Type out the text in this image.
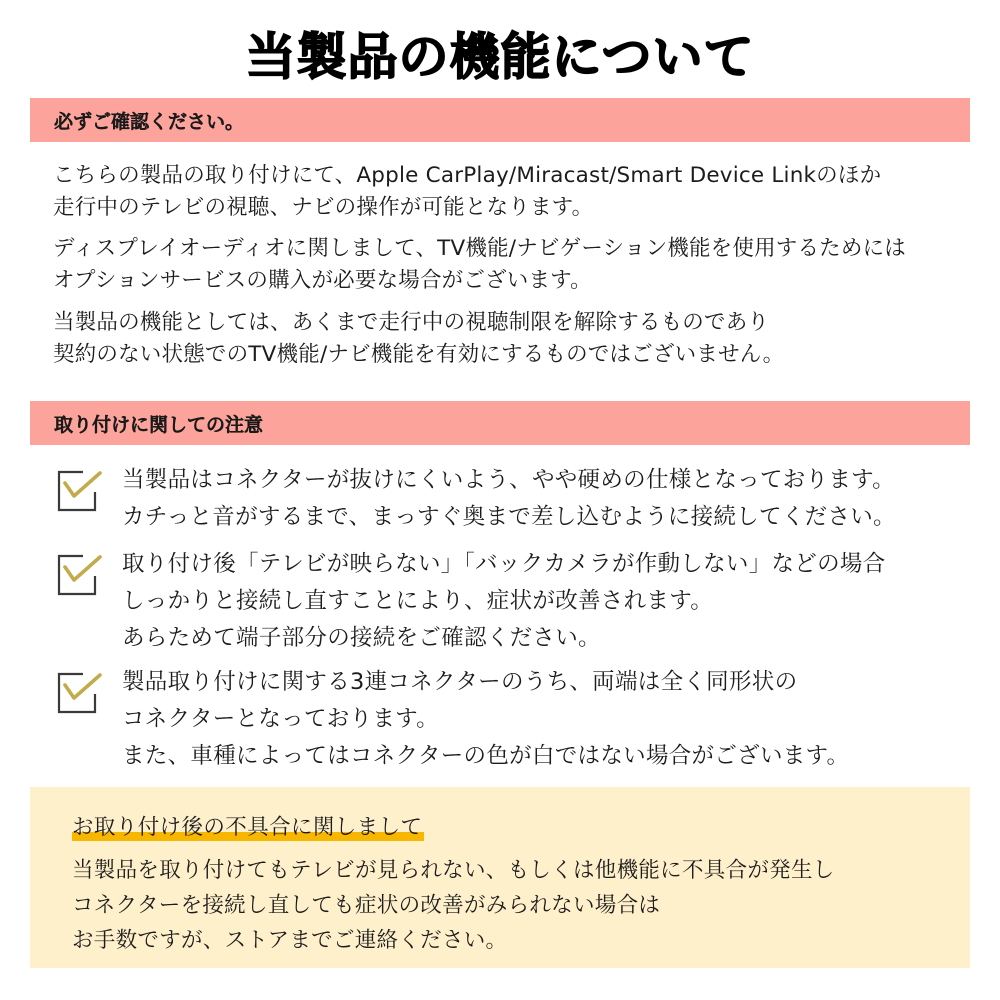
当製品の機能について
必ずご確認ください。
こちらの製品の取り付けにて、Apple CarPlay/Miracast/Smart Device Linkのほか
走行中のテレビの視聴、ナビの操作が可能となります。
ディスプレイオーディオに関しまして、TV機能/ナビゲーション機能を使用するためには
オプションサービスの購入が必要な場合がございます。
当製品の機能としては、あくまで走行中の視聴制限を解除するものであり
契約のない状態でのTV機能/ナビ機能を有効にするものではございません。
取り付けに関しての注意
当製品はコネクターが抜けにくいよう、やや硬めの仕様となっております。
カチっと音がするまで、まっすぐ奥まで差し込むように接続してください。
取り付け後「テレビが映らない」「バックカメラが作動しない」などの場合
しっかりと接続し直すことにより、症状が改善されます。
あらためて端子部分の接続をご確認ください。
製品取り付けに関する3連コネクターのうち、両端は全く同形状の
コネクターとなっております。
また、車種によってはコネクターの色が白ではない場合がございます。
お取り付け後の不具合に関しまして
当製品を取り付けてもテレビが見られない、もしくは他機能に不具合が発生し
コネクターを接続し直しても症状の改善がみられない場合は
お手数ですが、ストアまでご連絡ください。
